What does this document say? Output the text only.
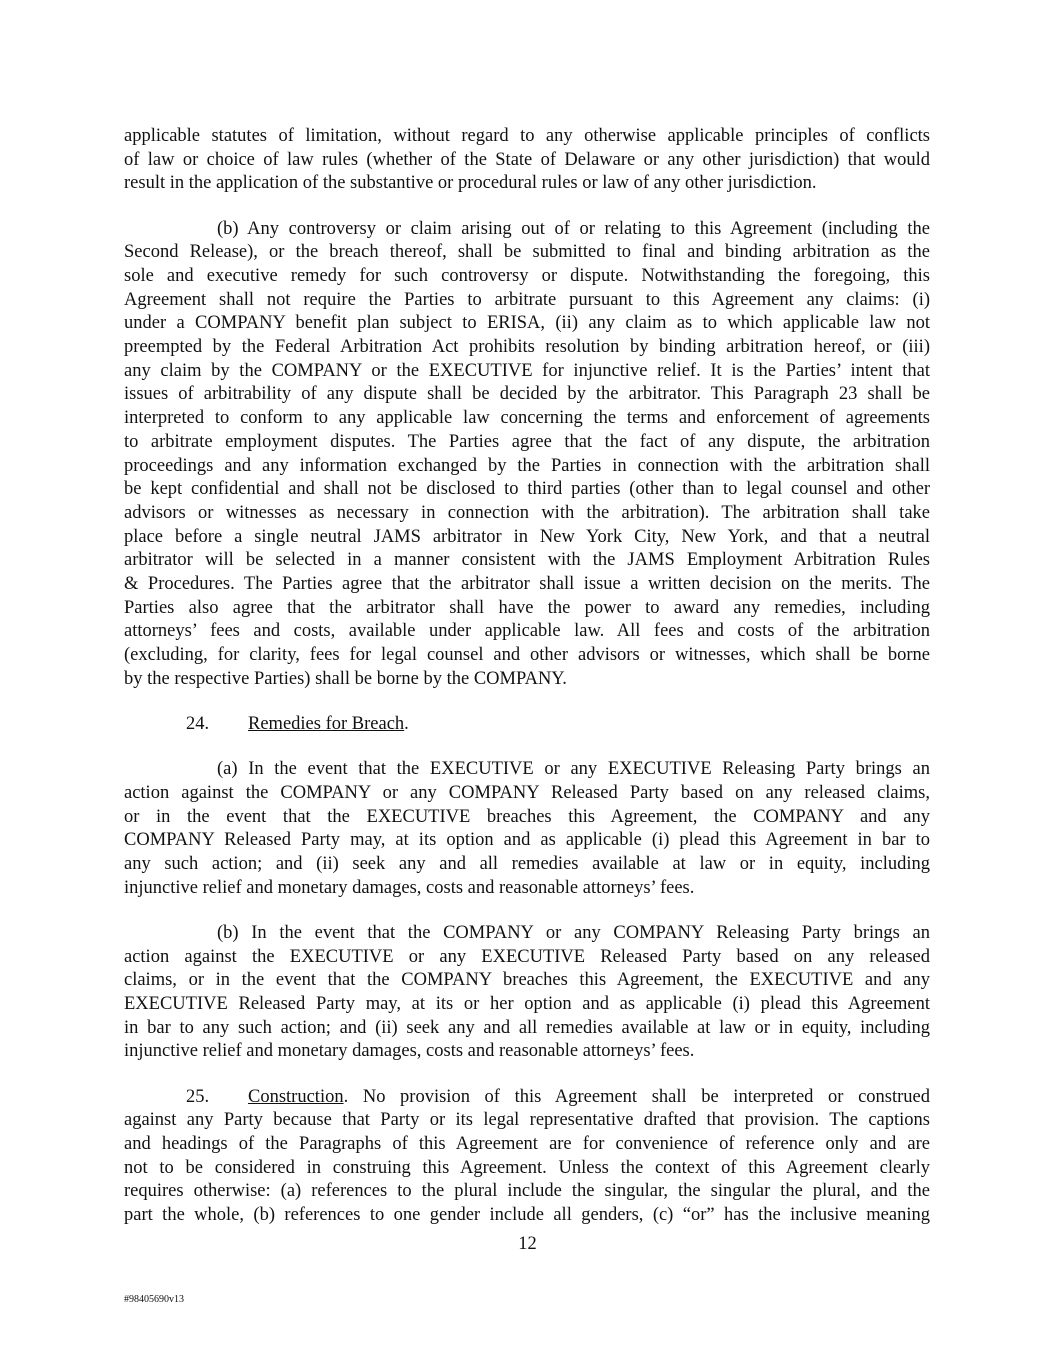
applicable statutes of limitation, without regard to any otherwise applicable principles of conflicts
of law or choice of law rules (whether of the State of Delaware or any other jurisdiction) that would
result in the application of the substantive or procedural rules or law of any other jurisdiction.
(b) Any controversy or claim arising out of or relating to this Agreement (including the
Second Release), or the breach thereof, shall be submitted to final and binding arbitration as the
sole and executive remedy for such controversy or dispute. Notwithstanding the foregoing, this
Agreement shall not require the Parties to arbitrate pursuant to this Agreement any claims: (i)
under a COMPANY benefit plan subject to ERISA, (ii) any claim as to which applicable law not
preempted by the Federal Arbitration Act prohibits resolution by binding arbitration hereof, or (iii)
any claim by the COMPANY or the EXECUTIVE for injunctive relief. It is the Parties’ intent that
issues of arbitrability of any dispute shall be decided by the arbitrator. This Paragraph 23 shall be
interpreted to conform to any applicable law concerning the terms and enforcement of agreements
to arbitrate employment disputes. The Parties agree that the fact of any dispute, the arbitration
proceedings and any information exchanged by the Parties in connection with the arbitration shall
be kept confidential and shall not be disclosed to third parties (other than to legal counsel and other
advisors or witnesses as necessary in connection with the arbitration). The arbitration shall take
place before a single neutral JAMS arbitrator in New York City, New York, and that a neutral
arbitrator will be selected in a manner consistent with the JAMS Employment Arbitration Rules
& Procedures. The Parties agree that the arbitrator shall issue a written decision on the merits. The
Parties also agree that the arbitrator shall have the power to award any remedies, including
attorneys’ fees and costs, available under applicable law. All fees and costs of the arbitration
(excluding, for clarity, fees for legal counsel and other advisors or witnesses, which shall be borne
by the respective Parties) shall be borne by the COMPANY.
24. Remedies for Breach.
(a) In the event that the EXECUTIVE or any EXECUTIVE Releasing Party brings an
action against the COMPANY or any COMPANY Released Party based on any released claims,
or in the event that the EXECUTIVE breaches this Agreement, the COMPANY and any
COMPANY Released Party may, at its option and as applicable (i) plead this Agreement in bar to
any such action; and (ii) seek any and all remedies available at law or in equity, including
injunctive relief and monetary damages, costs and reasonable attorneys’ fees.
(b) In the event that the COMPANY or any COMPANY Releasing Party brings an
action against the EXECUTIVE or any EXECUTIVE Released Party based on any released
claims, or in the event that the COMPANY breaches this Agreement, the EXECUTIVE and any
EXECUTIVE Released Party may, at its or her option and as applicable (i) plead this Agreement
in bar to any such action; and (ii) seek any and all remedies available at law or in equity, including
injunctive relief and monetary damages, costs and reasonable attorneys’ fees.
25. Construction. No provision of this Agreement shall be interpreted or construed
against any Party because that Party or its legal representative drafted that provision. The captions
and headings of the Paragraphs of this Agreement are for convenience of reference only and are
not to be considered in construing this Agreement. Unless the context of this Agreement clearly
requires otherwise: (a) references to the plural include the singular, the singular the plural, and the
part the whole, (b) references to one gender include all genders, (c) “or” has the inclusive meaning
12
#98405690v13
